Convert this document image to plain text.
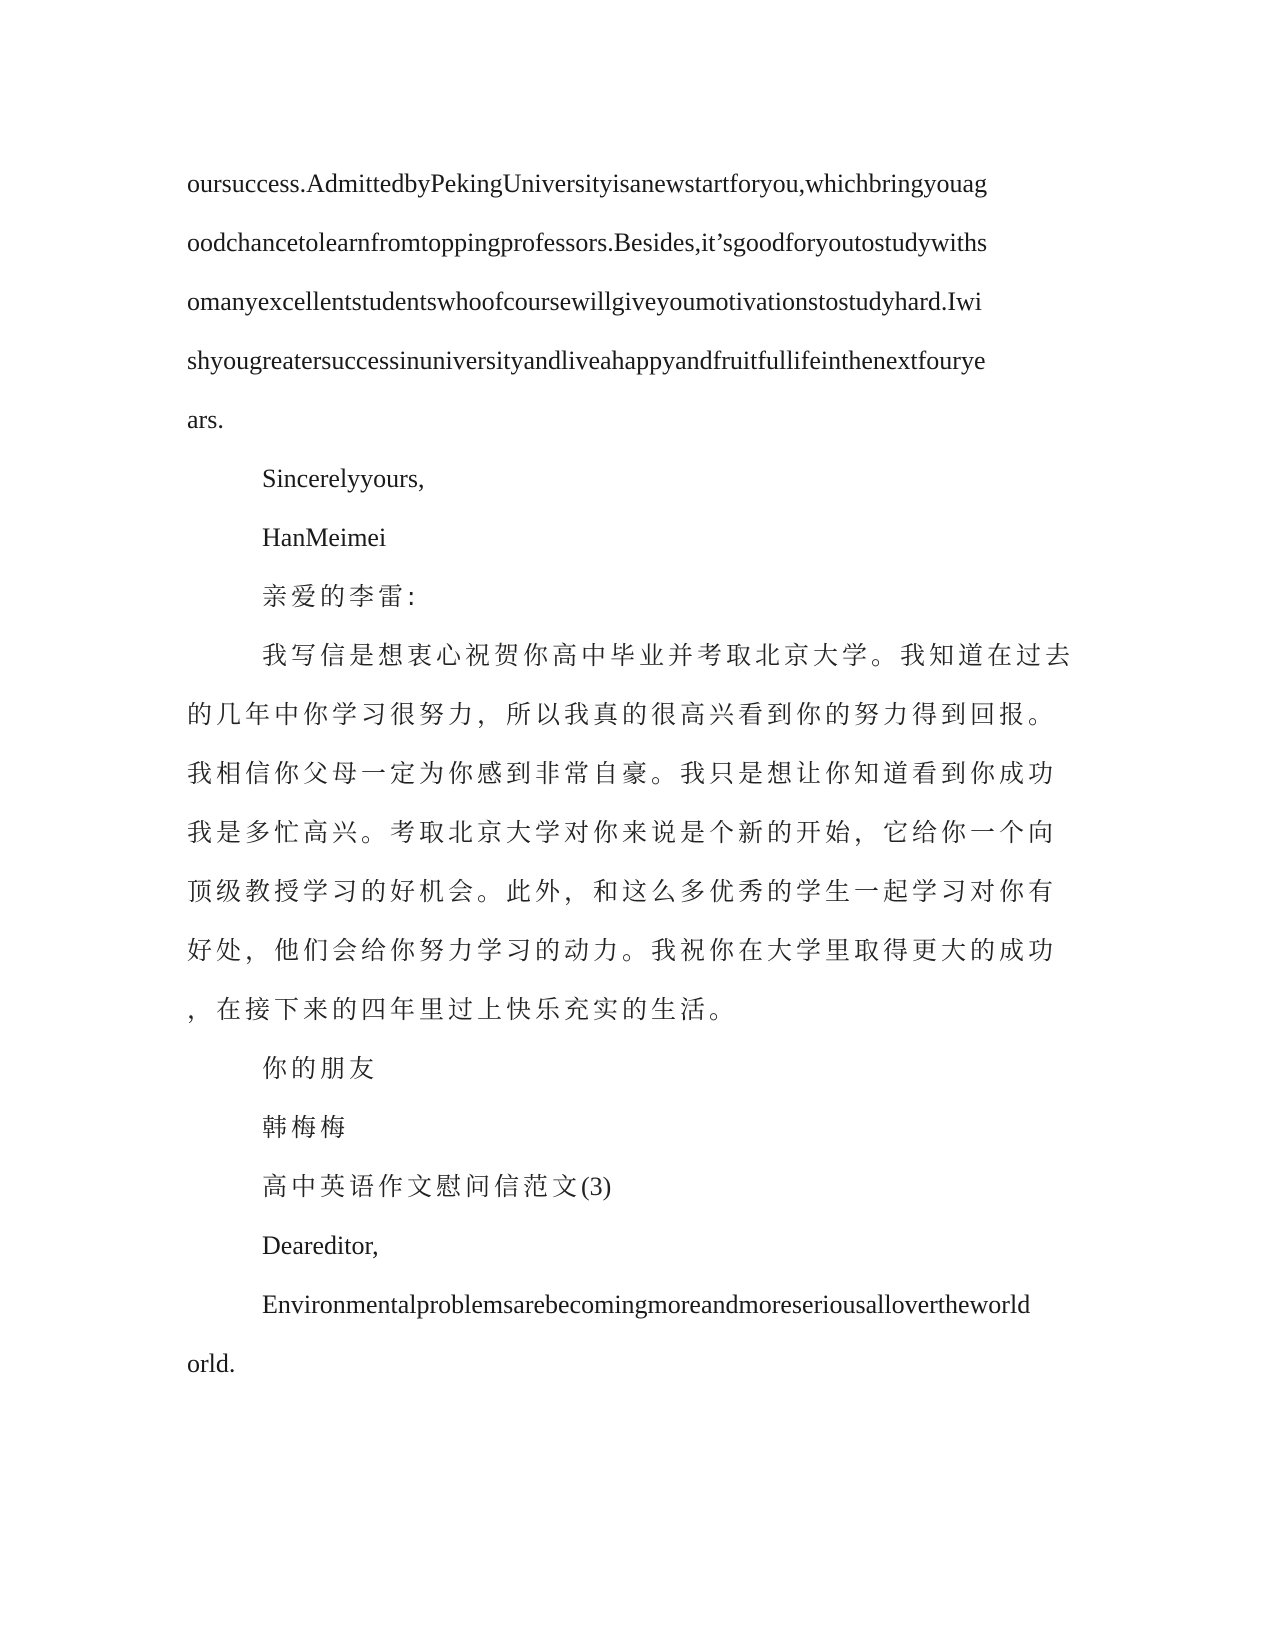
oursuccess.AdmittedbyPekingUniversityisanewstartforyou,whichbringyouag
oodchancetolearnfromtoppingprofessors.Besides,it’sgoodforyoutostudywiths
omanyexcellentstudentswhoofcoursewillgiveyoumotivationstostudyhard.Iwi
shyougreatersuccessinuniversityandliveahappyandfruitfullifeinthenextfourye
ars.
Sincerelyyours,
HanMeimei
亲爱的李雷:
我写信是想衷心祝贺你高中毕业并考取北京大学。我知道在过去
的几年中你学习很努力，所以我真的很高兴看到你的努力得到回报。
我相信你父母一定为你感到非常自豪。我只是想让你知道看到你成功
我是多忙高兴。考取北京大学对你来说是个新的开始，它给你一个向
顶级教授学习的好机会。此外，和这么多优秀的学生一起学习对你有
好处，他们会给你努力学习的动力。我祝你在大学里取得更大的成功
，在接下来的四年里过上快乐充实的生活。
你的朋友
韩梅梅
高中英语作文慰问信范文(3)
Deareditor,
Environmentalproblemsarebecomingmoreandmoreseriousallovertheworld
orld.
